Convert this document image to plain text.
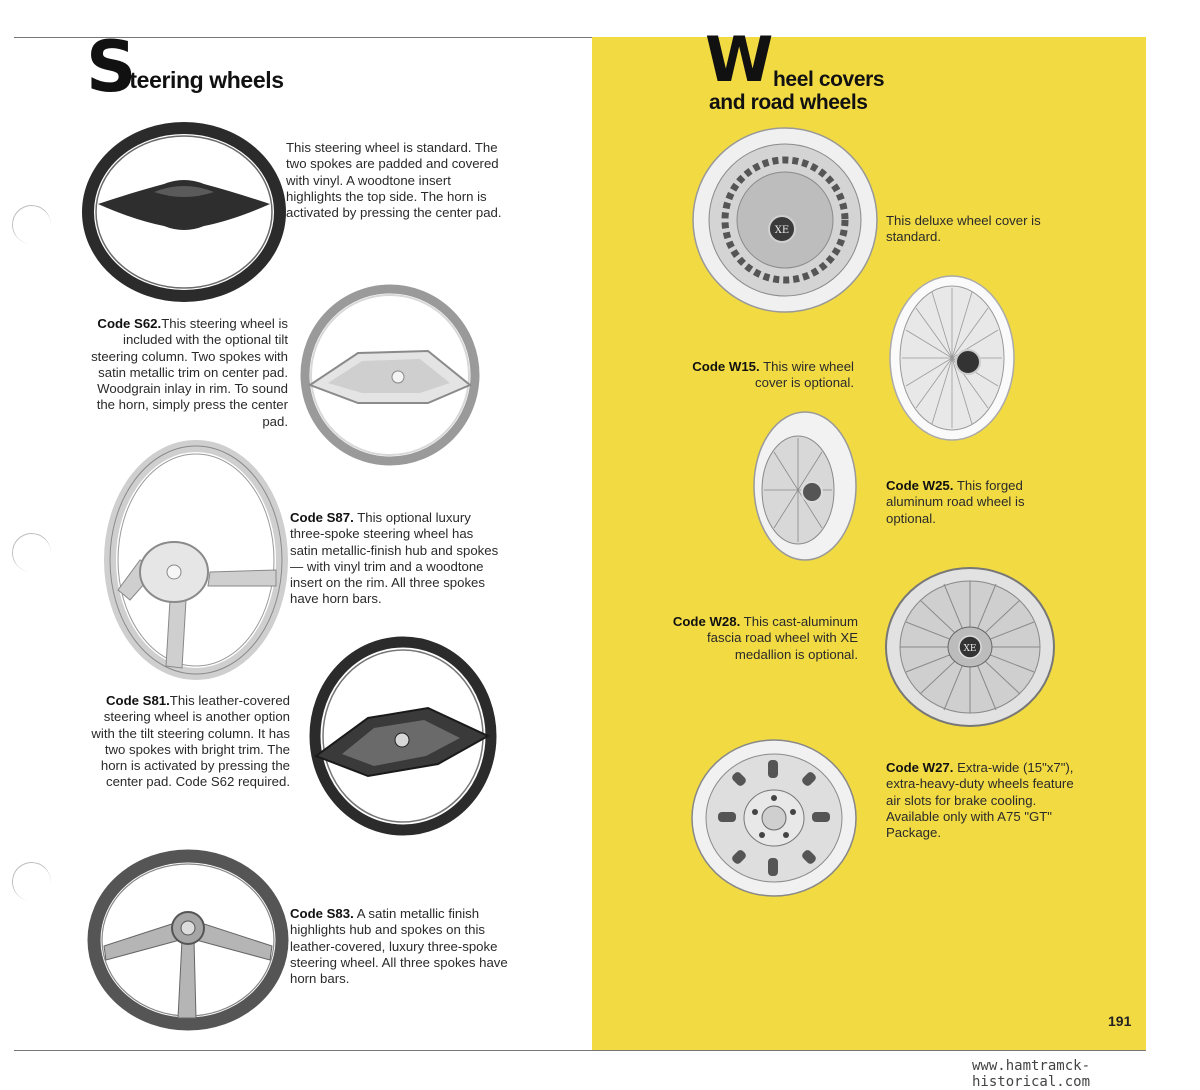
Steering wheels	W heel covers
and road wheels
This steering wheel is standard. The two spokes are padded and covered with vinyl. A woodtone insert highlights the top side. The horn is activated by pressing the center pad.
Code S62.This steering wheel is included with the optional tilt steering column. Two spokes with satin metallic trim on center pad. Woodgrain inlay in rim. To sound the horn, simply press the center pad.
Code S87. This optional luxury three-spoke steering wheel has satin metallic-finish hub and spokes — with vinyl trim and a woodtone insert on the rim. All three spokes have horn bars.
Code S81.This leather-covered steering wheel is another option with the tilt steering column. It has two spokes with bright trim. The horn is activated by pressing the center pad. Code S62 required.
Code S83. A satin metallic finish highlights hub and spokes on this leather-covered, luxury three-spoke steering wheel. All three spokes have horn bars.
This deluxe wheel cover is standard.
Code W15. This wire wheel cover is optional.
Code W25. This forged aluminum road wheel is optional.
Code W28. This cast-aluminum fascia road wheel with XE medallion is optional.
Code W27. Extra-wide (15"x7"), extra-heavy-duty wheels feature air slots for brake cooling. Available only with A75 "GT" Package.
191
www.hamtramck-historical.com
XE
XE
